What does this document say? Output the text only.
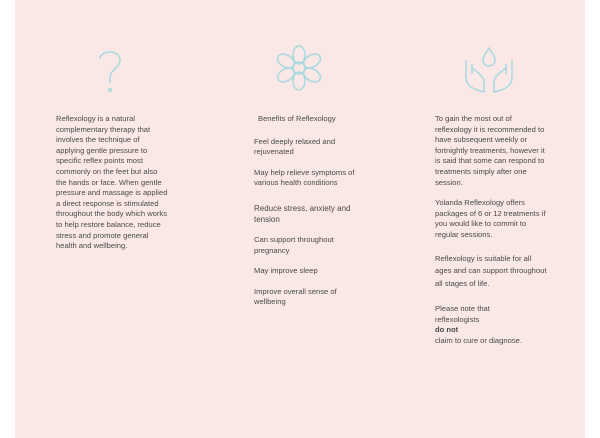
Reflexology is a natural complementary therapy that involves the technique of applying gentle pressure to specific reflex points most commonly on the feet but also the hands or face. When gentle pressure and massage is applied a direct response is stimulated throughout the body which works to help restore balance, reduce stress and promote general health and wellbeing.

Benefits of Reflexology

Feel deeply relaxed and rejuvenated

May help relieve symptoms of various health conditions

Reduce stress, anxiety and tension

Can support throughout pregnancy

May improve sleep

Improve overall sense of wellbeing

To gain the most out of reflexology it is recommended to have subsequent weekly or fortnightly treatments, however it is said that some can respond to treatments simply after one session.

Yolanda Reflexology offers packages of 6 or 12 treatments if you would like to commit to regular sessions.

Reflexology is suitable for all ages and can support throughout all stages of life.

Please note that
reflexologists
do not
claim to cure or diagnose.
